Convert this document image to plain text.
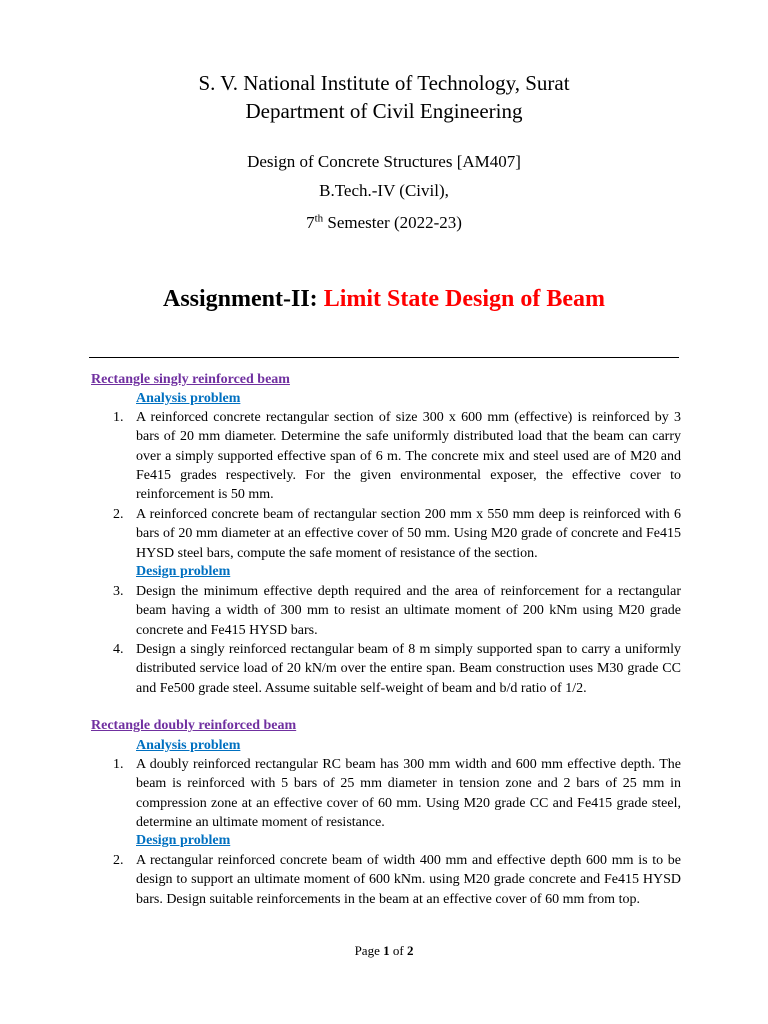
S. V. National Institute of Technology, Surat
Department of Civil Engineering
Design of Concrete Structures [AM407]
B.Tech.-IV (Civil),
7th Semester (2022-23)
Assignment-II: Limit State Design of Beam
Rectangle singly reinforced beam
Analysis problem
1. A reinforced concrete rectangular section of size 300 x 600 mm (effective) is reinforced by 3 bars of 20 mm diameter. Determine the safe uniformly distributed load that the beam can carry over a simply supported effective span of 6 m. The concrete mix and steel used are of M20 and Fe415 grades respectively. For the given environmental exposer, the effective cover to reinforcement is 50 mm.
2. A reinforced concrete beam of rectangular section 200 mm x 550 mm deep is reinforced with 6 bars of 20 mm diameter at an effective cover of 50 mm. Using M20 grade of concrete and Fe415 HYSD steel bars, compute the safe moment of resistance of the section.
Design problem
3. Design the minimum effective depth required and the area of reinforcement for a rectangular beam having a width of 300 mm to resist an ultimate moment of 200 kNm using M20 grade concrete and Fe415 HYSD bars.
4. Design a singly reinforced rectangular beam of 8 m simply supported span to carry a uniformly distributed service load of 20 kN/m over the entire span. Beam construction uses M30 grade CC and Fe500 grade steel. Assume suitable self-weight of beam and b/d ratio of 1/2.
Rectangle doubly reinforced beam
Analysis problem
1. A doubly reinforced rectangular RC beam has 300 mm width and 600 mm effective depth. The beam is reinforced with 5 bars of 25 mm diameter in tension zone and 2 bars of 25 mm in compression zone at an effective cover of 60 mm. Using M20 grade CC and Fe415 grade steel, determine an ultimate moment of resistance.
Design problem
2. A rectangular reinforced concrete beam of width 400 mm and effective depth 600 mm is to be design to support an ultimate moment of 600 kNm. using M20 grade concrete and Fe415 HYSD bars. Design suitable reinforcements in the beam at an effective cover of 60 mm from top.
Page 1 of 2
